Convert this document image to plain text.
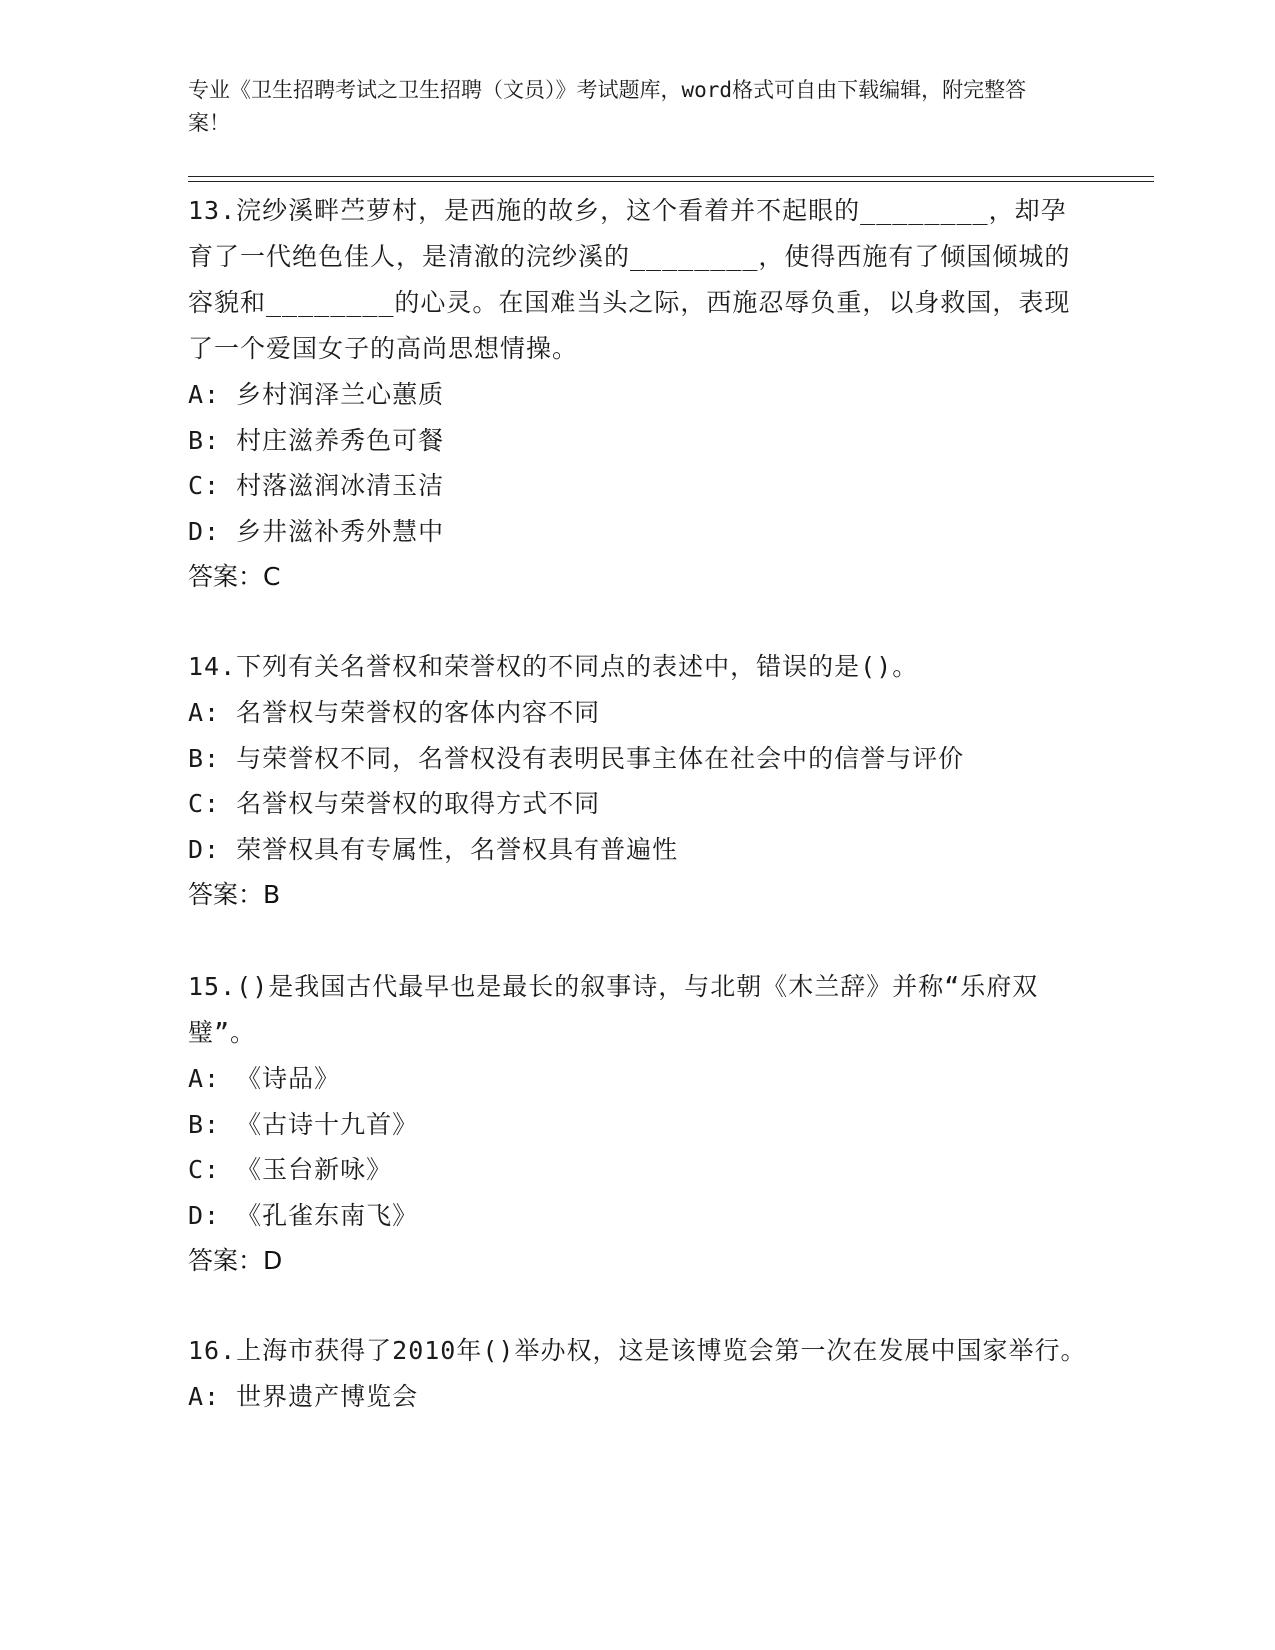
专业《卫生招聘考试之卫生招聘（文员）》考试题库，word格式可自由下载编辑，附完整答案！
13.浣纱溪畔苎萝村，是西施的故乡，这个看着并不起眼的________，却孕育了一代绝色佳人，是清澈的浣纱溪的________，使得西施有了倾国倾城的容貌和________的心灵。在国难当头之际，西施忍辱负重，以身救国，表现了一个爱国女子的高尚思想情操。
A: 乡村润泽兰心蕙质
B: 村庄滋养秀色可餐
C: 村落滋润冰清玉洁
D: 乡井滋补秀外慧中
答案：C
14.下列有关名誉权和荣誉权的不同点的表述中，错误的是()。
A: 名誉权与荣誉权的客体内容不同
B: 与荣誉权不同，名誉权没有表明民事主体在社会中的信誉与评价
C: 名誉权与荣誉权的取得方式不同
D: 荣誉权具有专属性，名誉权具有普遍性
答案：B
15.()是我国古代最早也是最长的叙事诗，与北朝《木兰辞》并称“乐府双璧”。
A: 《诗品》
B: 《古诗十九首》
C: 《玉台新咏》
D: 《孔雀东南飞》
答案：D
16.上海市获得了2010年()举办权，这是该博览会第一次在发展中国家举行。
A: 世界遗产博览会
